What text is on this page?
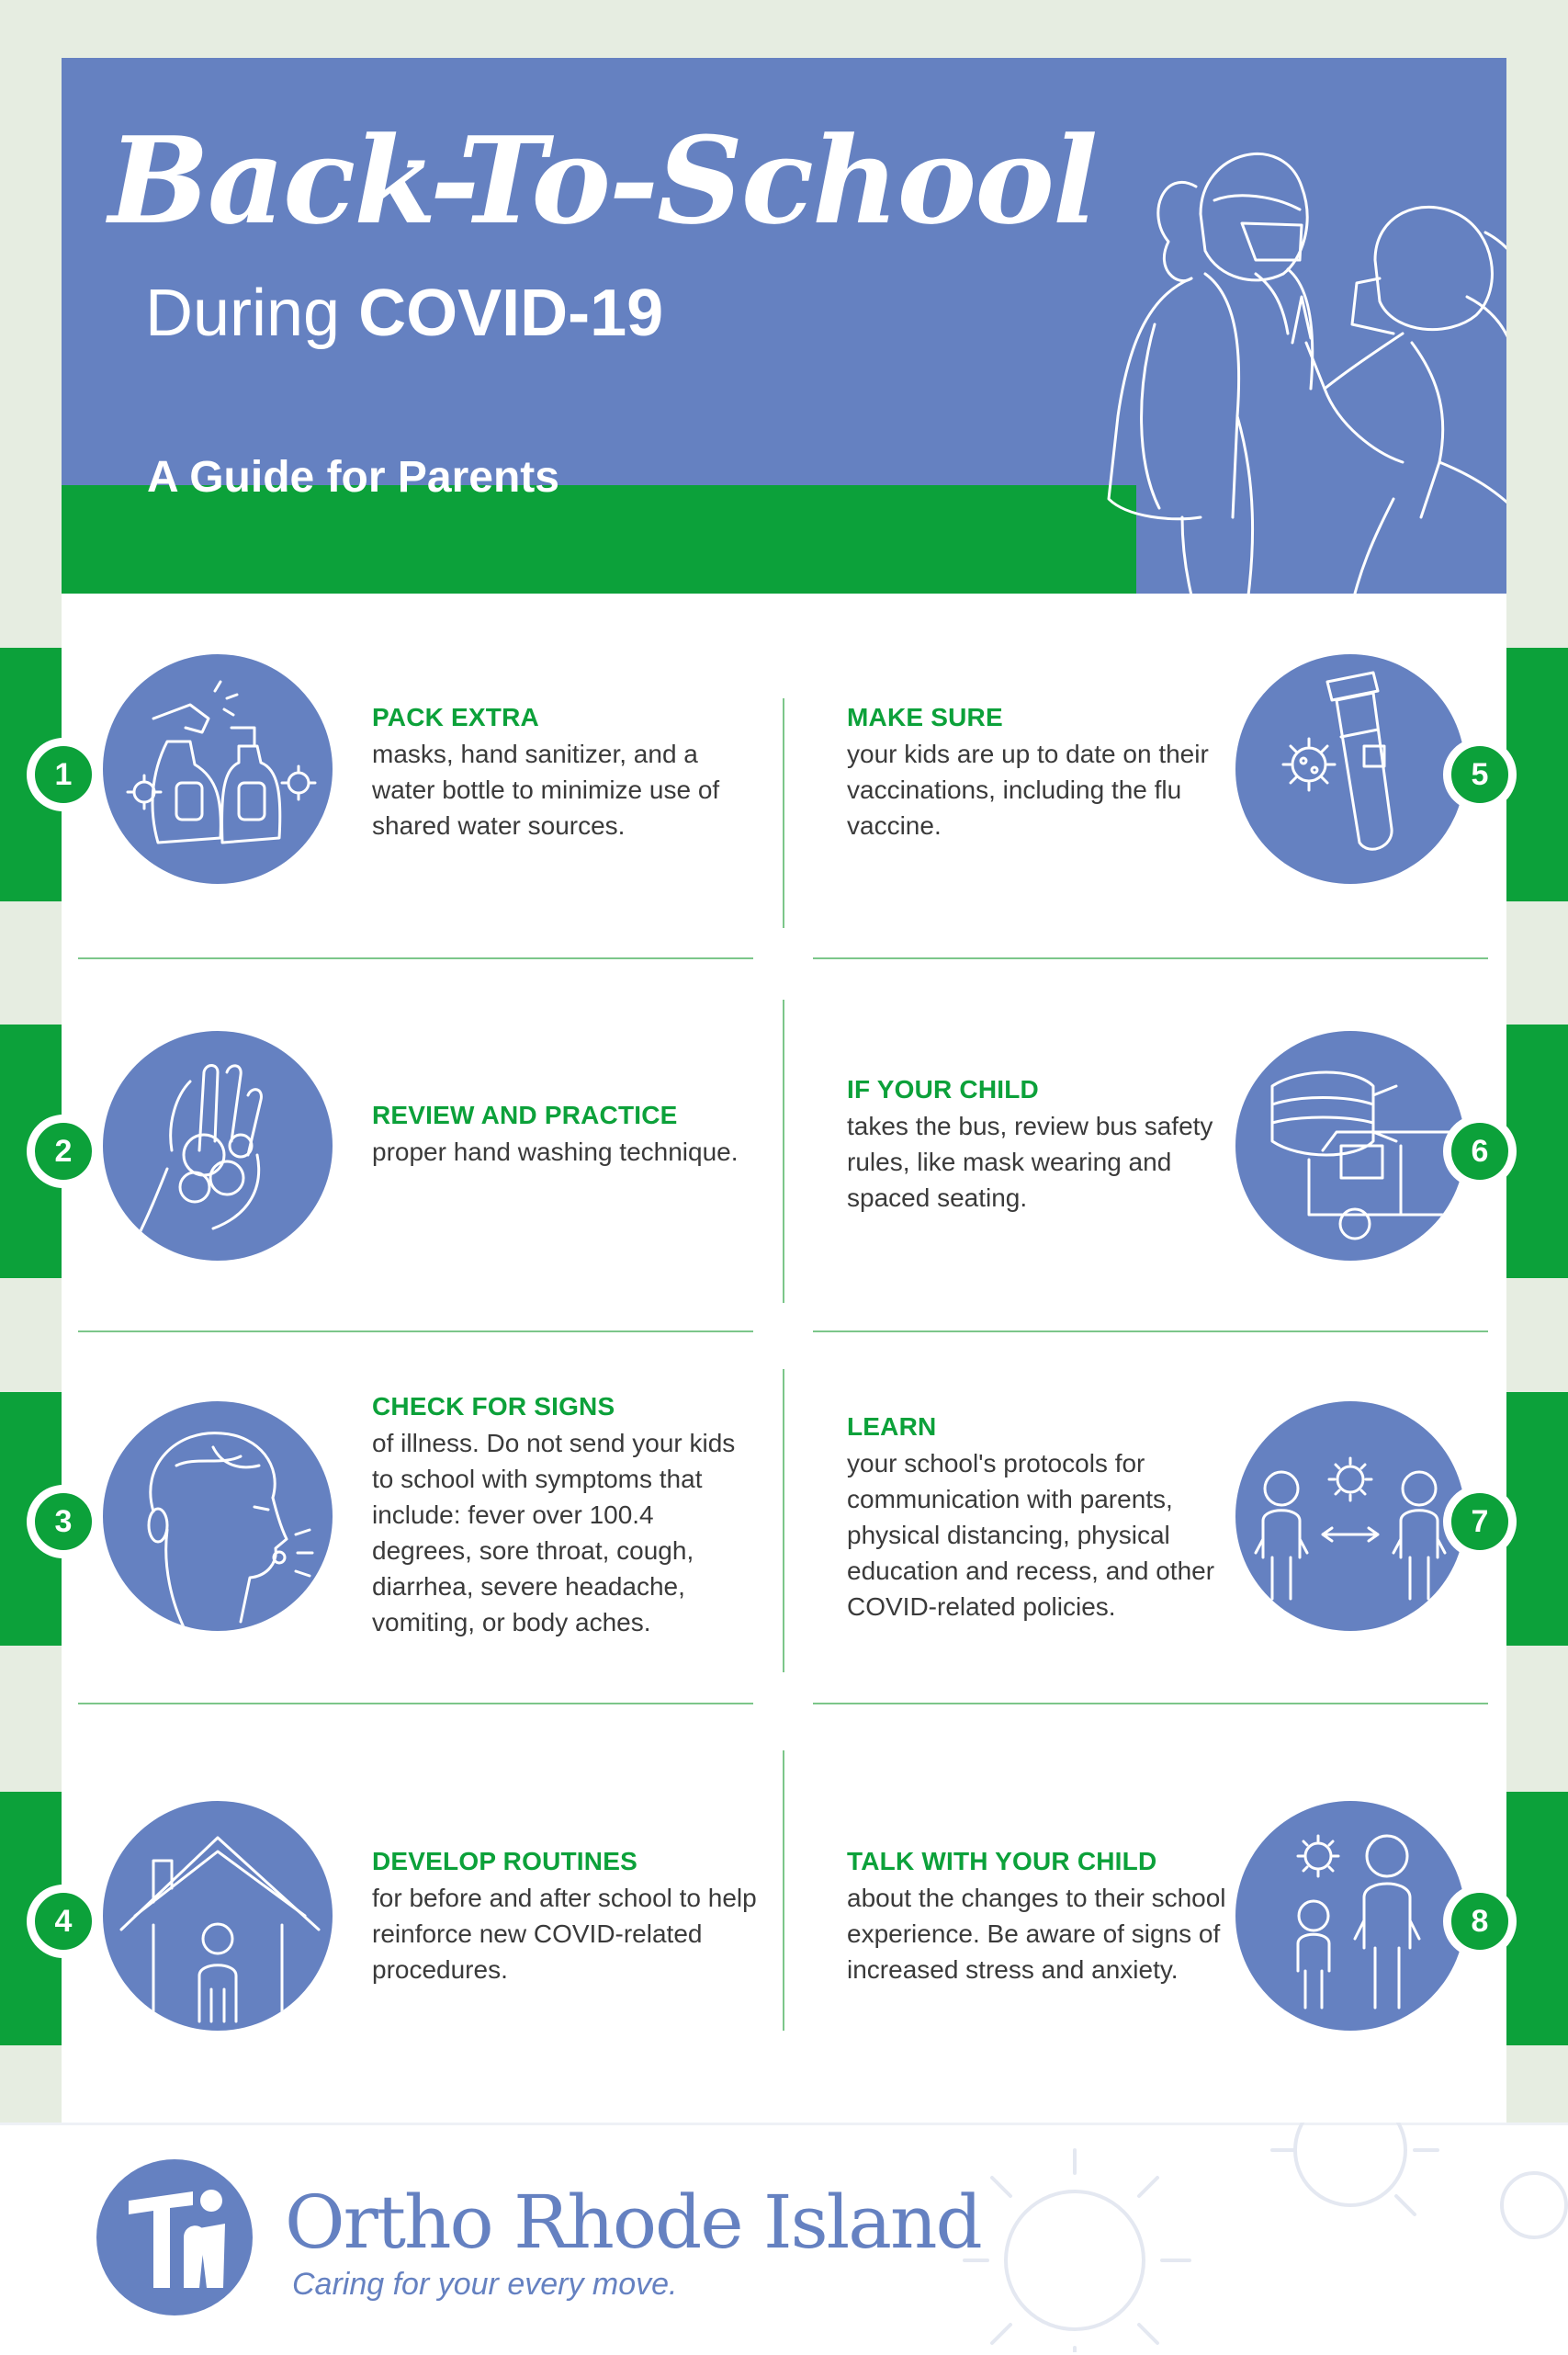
Back-To-School

During COVID-19

A Guide for Parents

1
PACK EXTRA

masks, hand sanitizer, and a water bottle to minimize use of shared water sources.

2
REVIEW AND PRACTICE

proper hand washing technique.

3
CHECK FOR SIGNS

of illness. Do not send your kids to school with symptoms that include: fever over 100.4 degrees, sore throat, cough, diarrhea, severe headache, vomiting, or body aches.

4
DEVELOP ROUTINES

for before and after school to help reinforce new COVID-related procedures.

5
MAKE SURE

your kids are up to date on their vaccinations, including the flu vaccine.

6
IF YOUR CHILD

takes the bus, review bus safety rules, like mask wearing and spaced seating.

7
LEARN

your school's protocols for communication with parents, physical distancing, physical education and recess, and other COVID-related policies.

8
TALK WITH YOUR CHILD

about the changes to their school experience. Be aware of signs of increased stress and anxiety.

Ortho Rhode Island

Caring for your every move.
